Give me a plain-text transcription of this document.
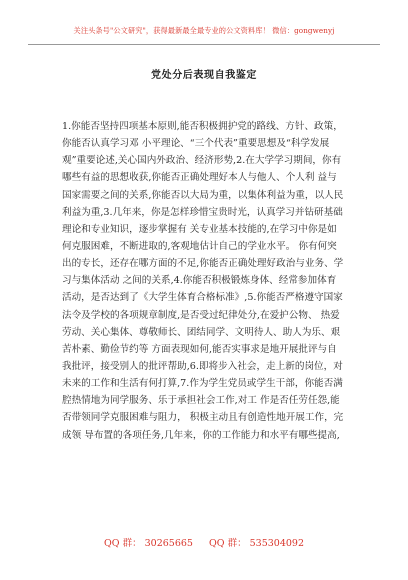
关注头条号"公文研究"，获得最新最全最专业的公文资料库！ 微信：gongwenyj
党处分后表现自我鉴定
1.你能否坚持四项基本原则,能否积极拥护党的路线、方针、政策，
你能否认真学习邓 小平理论、“三个代表”重要思想及“科学发展
观”重要论述,关心国内外政治、经济形势,2.在大学学习期间，你有
哪些有益的思想收获,你能否正确处理好本人与他人、个人利 益与
国家需要之间的关系,你能否以大局为重，以集体利益为重，以人民
利益为重,3.几年来，你是怎样珍惜宝贵时光，认真学习并钻研基础
理论和专业知识，逐步掌握有 关专业基本技能的,在学习中你是如
何克服困难，不断进取的,客观地估计自己的学业水平。 你有何突
出的专长，还存在哪方面的不足,你能否正确处理好政治与业务、学
习与集体活动 之间的关系,4.你能否积极锻炼身体、经常参加体育
活动，是否达到了《大学生体育合格标准》,5.你能否严格遵守国家
法令及学校的各项规章制度,是否受过纪律处分,在爱护公物、 热爱
劳动、关心集体、尊敬师长、团结同学、文明待人、助人为乐、艰
苦朴素、勤俭节约等 方面表现如何,能否实事求是地开展批评与自
我批评，接受别人的批评帮助,6.即将步入社会，走上新的岗位，对
未来的工作和生活有何打算,7.作为学生党员或学生干部，你能否满
腔热情地为同学服务、乐于承担社会工作,对工 作是否任劳任怨,能
否带领同学克服困难与阻力， 积极主动且有创造性地开展工作，完
成领 导布置的各项任务,几年来，你的工作能力和水平有哪些提高,
QQ 群： 30265665 QQ 群： 535304092
